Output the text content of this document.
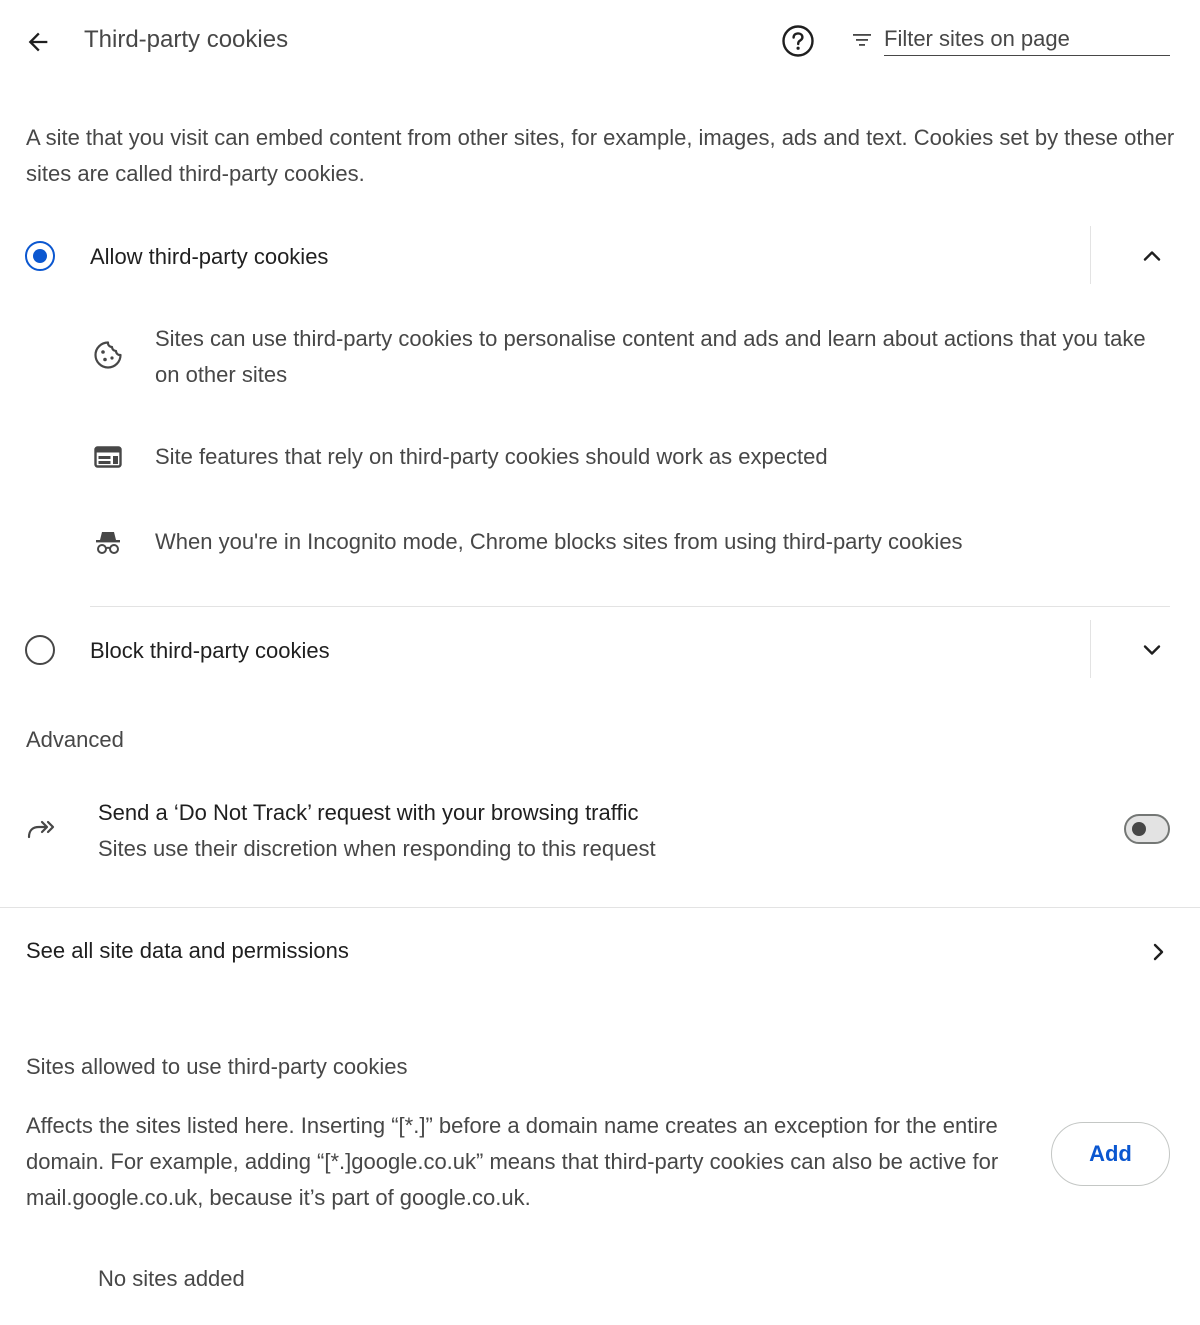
Third-party cookies
Filter sites on page
A site that you visit can embed content from other sites, for example, images, ads and text. Cookies set by these other sites are called third-party cookies.
Allow third-party cookies
Sites can use third-party cookies to personalise content and ads and learn about actions that you take on other sites
Site features that rely on third-party cookies should work as expected
When you're in Incognito mode, Chrome blocks sites from using third-party cookies
Block third-party cookies
Advanced
Send a ‘Do Not Track’ request with your browsing traffic
Sites use their discretion when responding to this request
See all site data and permissions
Sites allowed to use third-party cookies
Affects the sites listed here. Inserting “[*.]” before a domain name creates an exception for the entire domain. For example, adding “[*.]google.co.uk” means that third-party cookies can also be active for mail.google.co.uk, because it’s part of google.co.uk.
Add
No sites added
